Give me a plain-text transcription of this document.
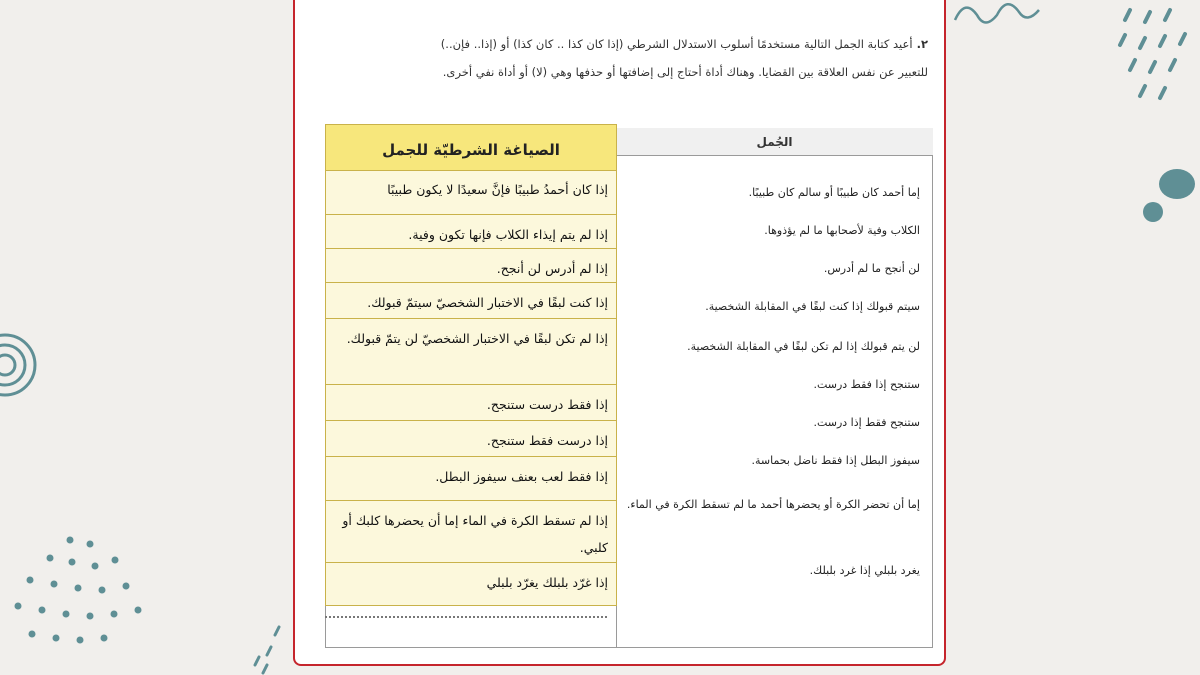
٢.أعيد كتابة الجمل التالية مستخدمًا أسلوب الاستدلال الشرطي (إذا كان كذا .. كان كذا) أو (إذا.. فإن..)
للتعبير عن نفس العلاقة بين القضايا. وهناك أداة أحتاج إلى إضافتها أو حذفها وهي (لا) أو أداة نفي أخرى.
الجُمل
إما أحمد كان طبيبًا أو سالم كان طبيبًا.
الكلاب وفية لأصحابها ما لم يؤذوها.
لن أنجح ما لم أدرس.
سيتم قبولك إذا كنت لبقًا في المقابلة الشخصية.
لن يتم قبولك إذا لم تكن لبقًا في المقابلة الشخصية.
ستنجح إذا فقط درست.
ستنجح فقط إذا درست.
سيفوز البطل إذا فقط ناضل بحماسة.
إما أن تحضر الكرة أو يحضرها أحمد ما لم تسقط الكرة في الماء.
يغرد بلبلي إذا غرد بلبلك.
الصياغة الشرطيّة للجمل
إذا كان أحمدُ طبيبًا فإنَّ سعيدًا لا يكون طبيبًا
إذا لم يتم إيذاء الكلاب فإنها تكون وفية.
إذا لم أدرس لن أنجح.
إذا كنت لبقًا في الاختبار الشخصيّ سيتمّ قبولك.
إذا لم تكن لبقًا في الاختبار الشخصيّ لن يتمّ قبولك.
إذا فقط درست ستنجح.
إذا درست فقط ستنجح.
إذا فقط لعب بعنف سيفوز البطل.
إذا لم تسقط الكرة في الماء إما أن يحضرها كلبك أو كلبي.
إذا غرّد بلبلك يغرّد بلبلي
